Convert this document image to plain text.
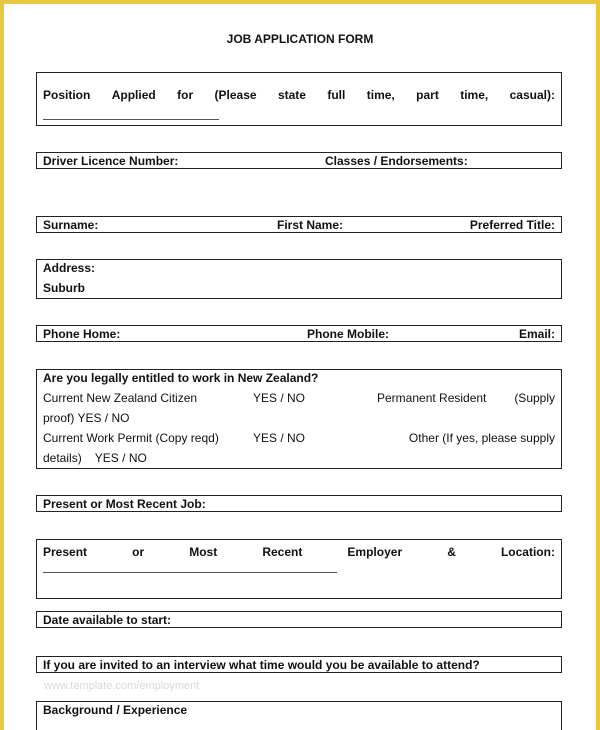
JOB APPLICATION FORM
Position Applied for (Please state full time, part time, casual):
Driver Licence Number:	Classes / Endorsements:
Surname:	First Name:	Preferred Title:
Address:
Suburb
Phone Home:	Phone Mobile:	Email:
Are you legally entitled to work in New Zealand?
Current New Zealand Citizen	YES / NO	Permanent Resident (Supply
proof) YES / NO
Current Work Permit (Copy reqd)	YES / NO	Other (If yes, please supply
details)    YES / NO
Present or Most Recent Job:
Present	or	Most	Recent	Employer	&	Location:
Date available to start:
If you are invited to an interview what time would you be available to attend?
www.template.com/employment
Background / Experience
